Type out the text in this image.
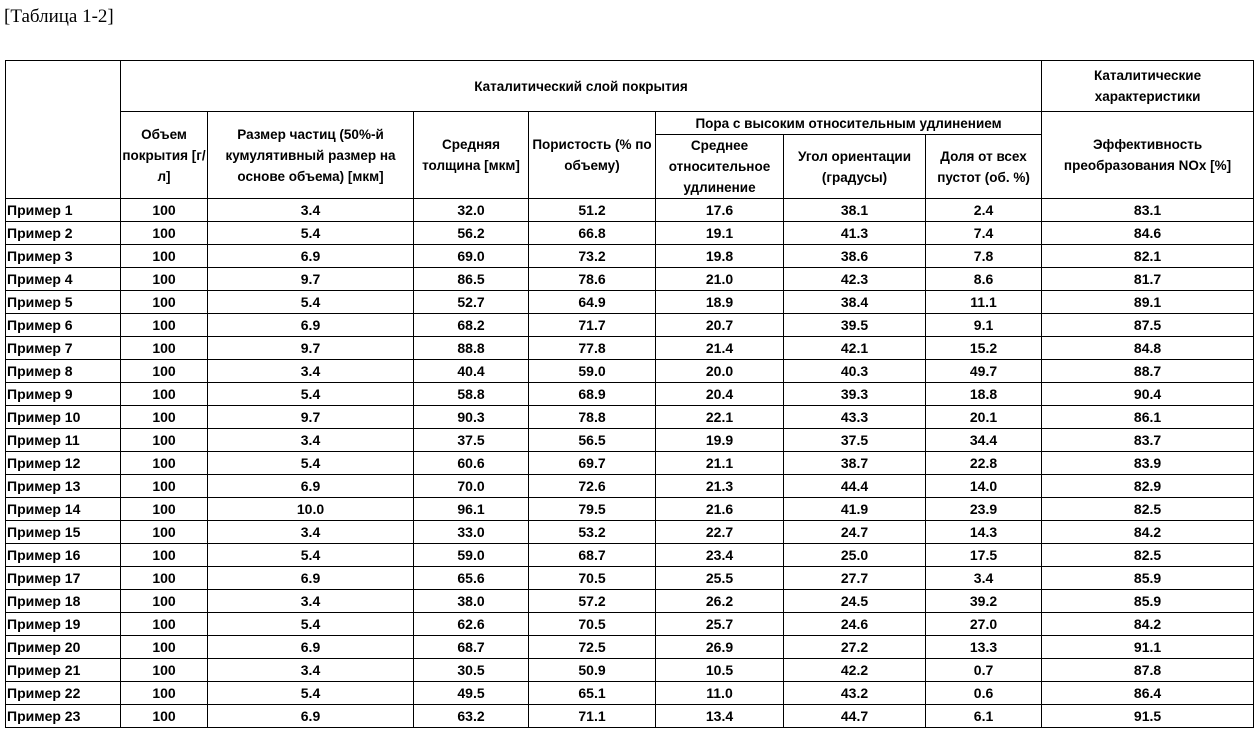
[Таблица 1-2]
	Каталитический слой покрытия	Каталитические характеристики
Объем покрытия [г/л]	Размер частиц (50%-й кумулятивный размер на основе объема) [мкм]	Средняя толщина [мкм]	Пористость (% по объему)	Пора с высоким относительным удлинением	Эффективность преобразования NOx [%]
Среднее относительное удлинение	Угол ориентации (градусы)	Доля от всех пустот (об. %)
Пример 1	100	3.4	32.0	51.2	17.6	38.1	2.4	83.1
Пример 2	100	5.4	56.2	66.8	19.1	41.3	7.4	84.6
Пример 3	100	6.9	69.0	73.2	19.8	38.6	7.8	82.1
Пример 4	100	9.7	86.5	78.6	21.0	42.3	8.6	81.7
Пример 5	100	5.4	52.7	64.9	18.9	38.4	11.1	89.1
Пример 6	100	6.9	68.2	71.7	20.7	39.5	9.1	87.5
Пример 7	100	9.7	88.8	77.8	21.4	42.1	15.2	84.8
Пример 8	100	3.4	40.4	59.0	20.0	40.3	49.7	88.7
Пример 9	100	5.4	58.8	68.9	20.4	39.3	18.8	90.4
Пример 10	100	9.7	90.3	78.8	22.1	43.3	20.1	86.1
Пример 11	100	3.4	37.5	56.5	19.9	37.5	34.4	83.7
Пример 12	100	5.4	60.6	69.7	21.1	38.7	22.8	83.9
Пример 13	100	6.9	70.0	72.6	21.3	44.4	14.0	82.9
Пример 14	100	10.0	96.1	79.5	21.6	41.9	23.9	82.5
Пример 15	100	3.4	33.0	53.2	22.7	24.7	14.3	84.2
Пример 16	100	5.4	59.0	68.7	23.4	25.0	17.5	82.5
Пример 17	100	6.9	65.6	70.5	25.5	27.7	3.4	85.9
Пример 18	100	3.4	38.0	57.2	26.2	24.5	39.2	85.9
Пример 19	100	5.4	62.6	70.5	25.7	24.6	27.0	84.2
Пример 20	100	6.9	68.7	72.5	26.9	27.2	13.3	91.1
Пример 21	100	3.4	30.5	50.9	10.5	42.2	0.7	87.8
Пример 22	100	5.4	49.5	65.1	11.0	43.2	0.6	86.4
Пример 23	100	6.9	63.2	71.1	13.4	44.7	6.1	91.5
